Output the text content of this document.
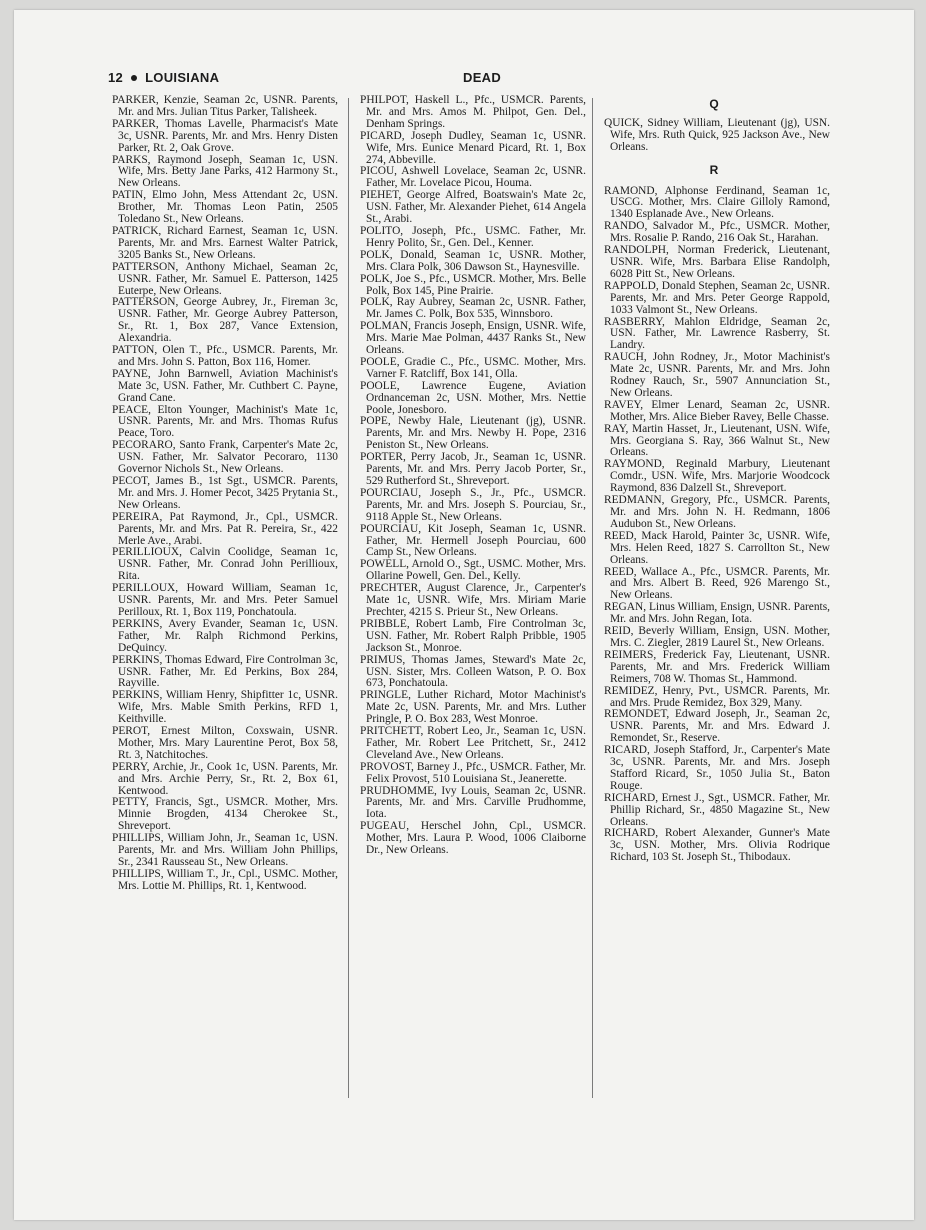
12 LOUISIANA	DEAD

PARKER, Kenzie, Seaman 2c, USNR. Parents, Mr. and Mrs. Julian Titus Parker, Talisheek.

PARKER, Thomas Lavelle, Pharmacist's Mate 3c, USNR. Parents, Mr. and Mrs. Henry Disten Parker, Rt. 2, Oak Grove.

PARKS, Raymond Joseph, Seaman 1c, USN. Wife, Mrs. Betty Jane Parks, 412 Harmony St., New Orleans.

PATIN, Elmo John, Mess Attendant 2c, USN. Brother, Mr. Thomas Leon Patin, 2505 Toledano St., New Orleans.

PATRICK, Richard Earnest, Seaman 1c, USN. Parents, Mr. and Mrs. Earnest Walter Patrick, 3205 Banks St., New Orleans.

PATTERSON, Anthony Michael, Seaman 2c, USNR. Father, Mr. Samuel E. Patterson, 1425 Euterpe, New Orleans.

PATTERSON, George Aubrey, Jr., Fireman 3c, USNR. Father, Mr. George Aubrey Patterson, Sr., Rt. 1, Box 287, Vance Extension, Alexandria.

PATTON, Olen T., Pfc., USMCR. Parents, Mr. and Mrs. John S. Patton, Box 116, Homer.

PAYNE, John Barnwell, Aviation Machinist's Mate 3c, USN. Father, Mr. Cuthbert C. Payne, Grand Cane.

PEACE, Elton Younger, Machinist's Mate 1c, USNR. Parents, Mr. and Mrs. Thomas Rufus Peace, Toro.

PECORARO, Santo Frank, Carpenter's Mate 2c, USN. Father, Mr. Salvator Pecoraro, 1130 Governor Nichols St., New Orleans.

PECOT, James B., 1st Sgt., USMCR. Parents, Mr. and Mrs. J. Homer Pecot, 3425 Prytania St., New Orleans.

PEREIRA, Pat Raymond, Jr., Cpl., USMCR. Parents, Mr. and Mrs. Pat R. Pereira, Sr., 422 Merle Ave., Arabi.

PERILLIOUX, Calvin Coolidge, Seaman 1c, USNR. Father, Mr. Conrad John Perillioux, Rita.

PERILLOUX, Howard William, Seaman 1c, USNR. Parents, Mr. and Mrs. Peter Samuel Perilloux, Rt. 1, Box 119, Ponchatoula.

PERKINS, Avery Evander, Seaman 1c, USN. Father, Mr. Ralph Richmond Perkins, DeQuincy.

PERKINS, Thomas Edward, Fire Controlman 3c, USNR. Father, Mr. Ed Perkins, Box 284, Rayville.

PERKINS, William Henry, Shipfitter 1c, USNR. Wife, Mrs. Mable Smith Perkins, RFD 1, Keithville.

PEROT, Ernest Milton, Coxswain, USNR. Mother, Mrs. Mary Laurentine Perot, Box 58, Rt. 3, Natchitoches.

PERRY, Archie, Jr., Cook 1c, USN. Parents, Mr. and Mrs. Archie Perry, Sr., Rt. 2, Box 61, Kentwood.

PETTY, Francis, Sgt., USMCR. Mother, Mrs. Minnie Brogden, 4134 Cherokee St., Shreveport.

PHILLIPS, William John, Jr., Seaman 1c, USN. Parents, Mr. and Mrs. William John Phillips, Sr., 2341 Rausseau St., New Orleans.

PHILLIPS, William T., Jr., Cpl., USMC. Mother, Mrs. Lottie M. Phillips, Rt. 1, Kentwood.

PHILPOT, Haskell L., Pfc., USMCR. Parents, Mr. and Mrs. Amos M. Philpot, Gen. Del., Denham Springs.

PICARD, Joseph Dudley, Seaman 1c, USNR. Wife, Mrs. Eunice Menard Picard, Rt. 1, Box 274, Abbeville.

PICOU, Ashwell Lovelace, Seaman 2c, USNR. Father, Mr. Lovelace Picou, Houma.

PIEHET, George Alfred, Boatswain's Mate 2c, USN. Father, Mr. Alexander Piehet, 614 Angela St., Arabi.

POLITO, Joseph, Pfc., USMC. Father, Mr. Henry Polito, Sr., Gen. Del., Kenner.

POLK, Donald, Seaman 1c, USNR. Mother, Mrs. Clara Polk, 306 Dawson St., Haynesville.

POLK, Joe S., Pfc., USMCR. Mother, Mrs. Belle Polk, Box 145, Pine Prairie.

POLK, Ray Aubrey, Seaman 2c, USNR. Father, Mr. James C. Polk, Box 535, Winnsboro.

POLMAN, Francis Joseph, Ensign, USNR. Wife, Mrs. Marie Mae Polman, 4437 Ranks St., New Orleans.

POOLE, Gradie C., Pfc., USMC. Mother, Mrs. Varner F. Ratcliff, Box 141, Olla.

POOLE, Lawrence Eugene, Aviation Ordnanceman 2c, USN. Mother, Mrs. Nettie Poole, Jonesboro.

POPE, Newby Hale, Lieutenant (jg), USNR. Parents, Mr. and Mrs. Newby H. Pope, 2316 Peniston St., New Orleans.

PORTER, Perry Jacob, Jr., Seaman 1c, USNR. Parents, Mr. and Mrs. Perry Jacob Porter, Sr., 529 Rutherford St., Shreveport.

POURCIAU, Joseph S., Jr., Pfc., USMCR. Parents, Mr. and Mrs. Joseph S. Pourciau, Sr., 9118 Apple St., New Orleans.

POURCIAU, Kit Joseph, Seaman 1c, USNR. Father, Mr. Hermell Joseph Pourciau, 600 Camp St., New Orleans.

POWELL, Arnold O., Sgt., USMC. Mother, Mrs. Ollarine Powell, Gen. Del., Kelly.

PRECHTER, August Clarence, Jr., Carpenter's Mate 1c, USNR. Wife, Mrs. Miriam Marie Prechter, 4215 S. Prieur St., New Orleans.

PRIBBLE, Robert Lamb, Fire Controlman 3c, USN. Father, Mr. Robert Ralph Pribble, 1905 Jackson St., Monroe.

PRIMUS, Thomas James, Steward's Mate 2c, USN. Sister, Mrs. Colleen Watson, P. O. Box 673, Ponchatoula.

PRINGLE, Luther Richard, Motor Machinist's Mate 2c, USN. Parents, Mr. and Mrs. Luther Pringle, P. O. Box 283, West Monroe.

PRITCHETT, Robert Leo, Jr., Seaman 1c, USN. Father, Mr. Robert Lee Pritchett, Sr., 2412 Cleveland Ave., New Orleans.

PROVOST, Barney J., Pfc., USMCR. Father, Mr. Felix Provost, 510 Louisiana St., Jeanerette.

PRUDHOMME, Ivy Louis, Seaman 2c, USNR. Parents, Mr. and Mrs. Carville Prudhomme, Iota.

PUGEAU, Herschel John, Cpl., USMCR. Mother, Mrs. Laura P. Wood, 1006 Claiborne Dr., New Orleans.

Q

QUICK, Sidney William, Lieutenant (jg), USN. Wife, Mrs. Ruth Quick, 925 Jackson Ave., New Orleans.

R

RAMOND, Alphonse Ferdinand, Seaman 1c, USCG. Mother, Mrs. Claire Gilloly Ramond, 1340 Esplanade Ave., New Orleans.

RANDO, Salvador M., Pfc., USMCR. Mother, Mrs. Rosalie P. Rando, 216 Oak St., Harahan.

RANDOLPH, Norman Frederick, Lieutenant, USNR. Wife, Mrs. Barbara Elise Randolph, 6028 Pitt St., New Orleans.

RAPPOLD, Donald Stephen, Seaman 2c, USNR. Parents, Mr. and Mrs. Peter George Rappold, 1033 Valmont St., New Orleans.

RASBERRY, Mahlon Eldridge, Seaman 2c, USN. Father, Mr. Lawrence Rasberry, St. Landry.

RAUCH, John Rodney, Jr., Motor Machinist's Mate 2c, USNR. Parents, Mr. and Mrs. John Rodney Rauch, Sr., 5907 Annunciation St., New Orleans.

RAVEY, Elmer Lenard, Seaman 2c, USNR. Mother, Mrs. Alice Bieber Ravey, Belle Chasse.

RAY, Martin Hasset, Jr., Lieutenant, USN. Wife, Mrs. Georgiana S. Ray, 366 Walnut St., New Orleans.

RAYMOND, Reginald Marbury, Lieutenant Comdr., USN. Wife, Mrs. Marjorie Woodcock Raymond, 836 Dalzell St., Shreveport.

REDMANN, Gregory, Pfc., USMCR. Parents, Mr. and Mrs. John N. H. Redmann, 1806 Audubon St., New Orleans.

REED, Mack Harold, Painter 3c, USNR. Wife, Mrs. Helen Reed, 1827 S. Carrollton St., New Orleans.

REED, Wallace A., Pfc., USMCR. Parents, Mr. and Mrs. Albert B. Reed, 926 Marengo St., New Orleans.

REGAN, Linus William, Ensign, USNR. Parents, Mr. and Mrs. John Regan, Iota.

REID, Beverly William, Ensign, USN. Mother, Mrs. C. Ziegler, 2819 Laurel St., New Orleans.

REIMERS, Frederick Fay, Lieutenant, USNR. Parents, Mr. and Mrs. Frederick William Reimers, 708 W. Thomas St., Hammond.

REMIDEZ, Henry, Pvt., USMCR. Parents, Mr. and Mrs. Prude Remidez, Box 329, Many.

REMONDET, Edward Joseph, Jr., Seaman 2c, USNR. Parents, Mr. and Mrs. Edward J. Remondet, Sr., Reserve.

RICARD, Joseph Stafford, Jr., Carpenter's Mate 3c, USNR. Parents, Mr. and Mrs. Joseph Stafford Ricard, Sr., 1050 Julia St., Baton Rouge.

RICHARD, Ernest J., Sgt., USMCR. Father, Mr. Phillip Richard, Sr., 4850 Magazine St., New Orleans.

RICHARD, Robert Alexander, Gunner's Mate 3c, USN. Mother, Mrs. Olivia Rodrique Richard, 103 St. Joseph St., Thibodaux.
